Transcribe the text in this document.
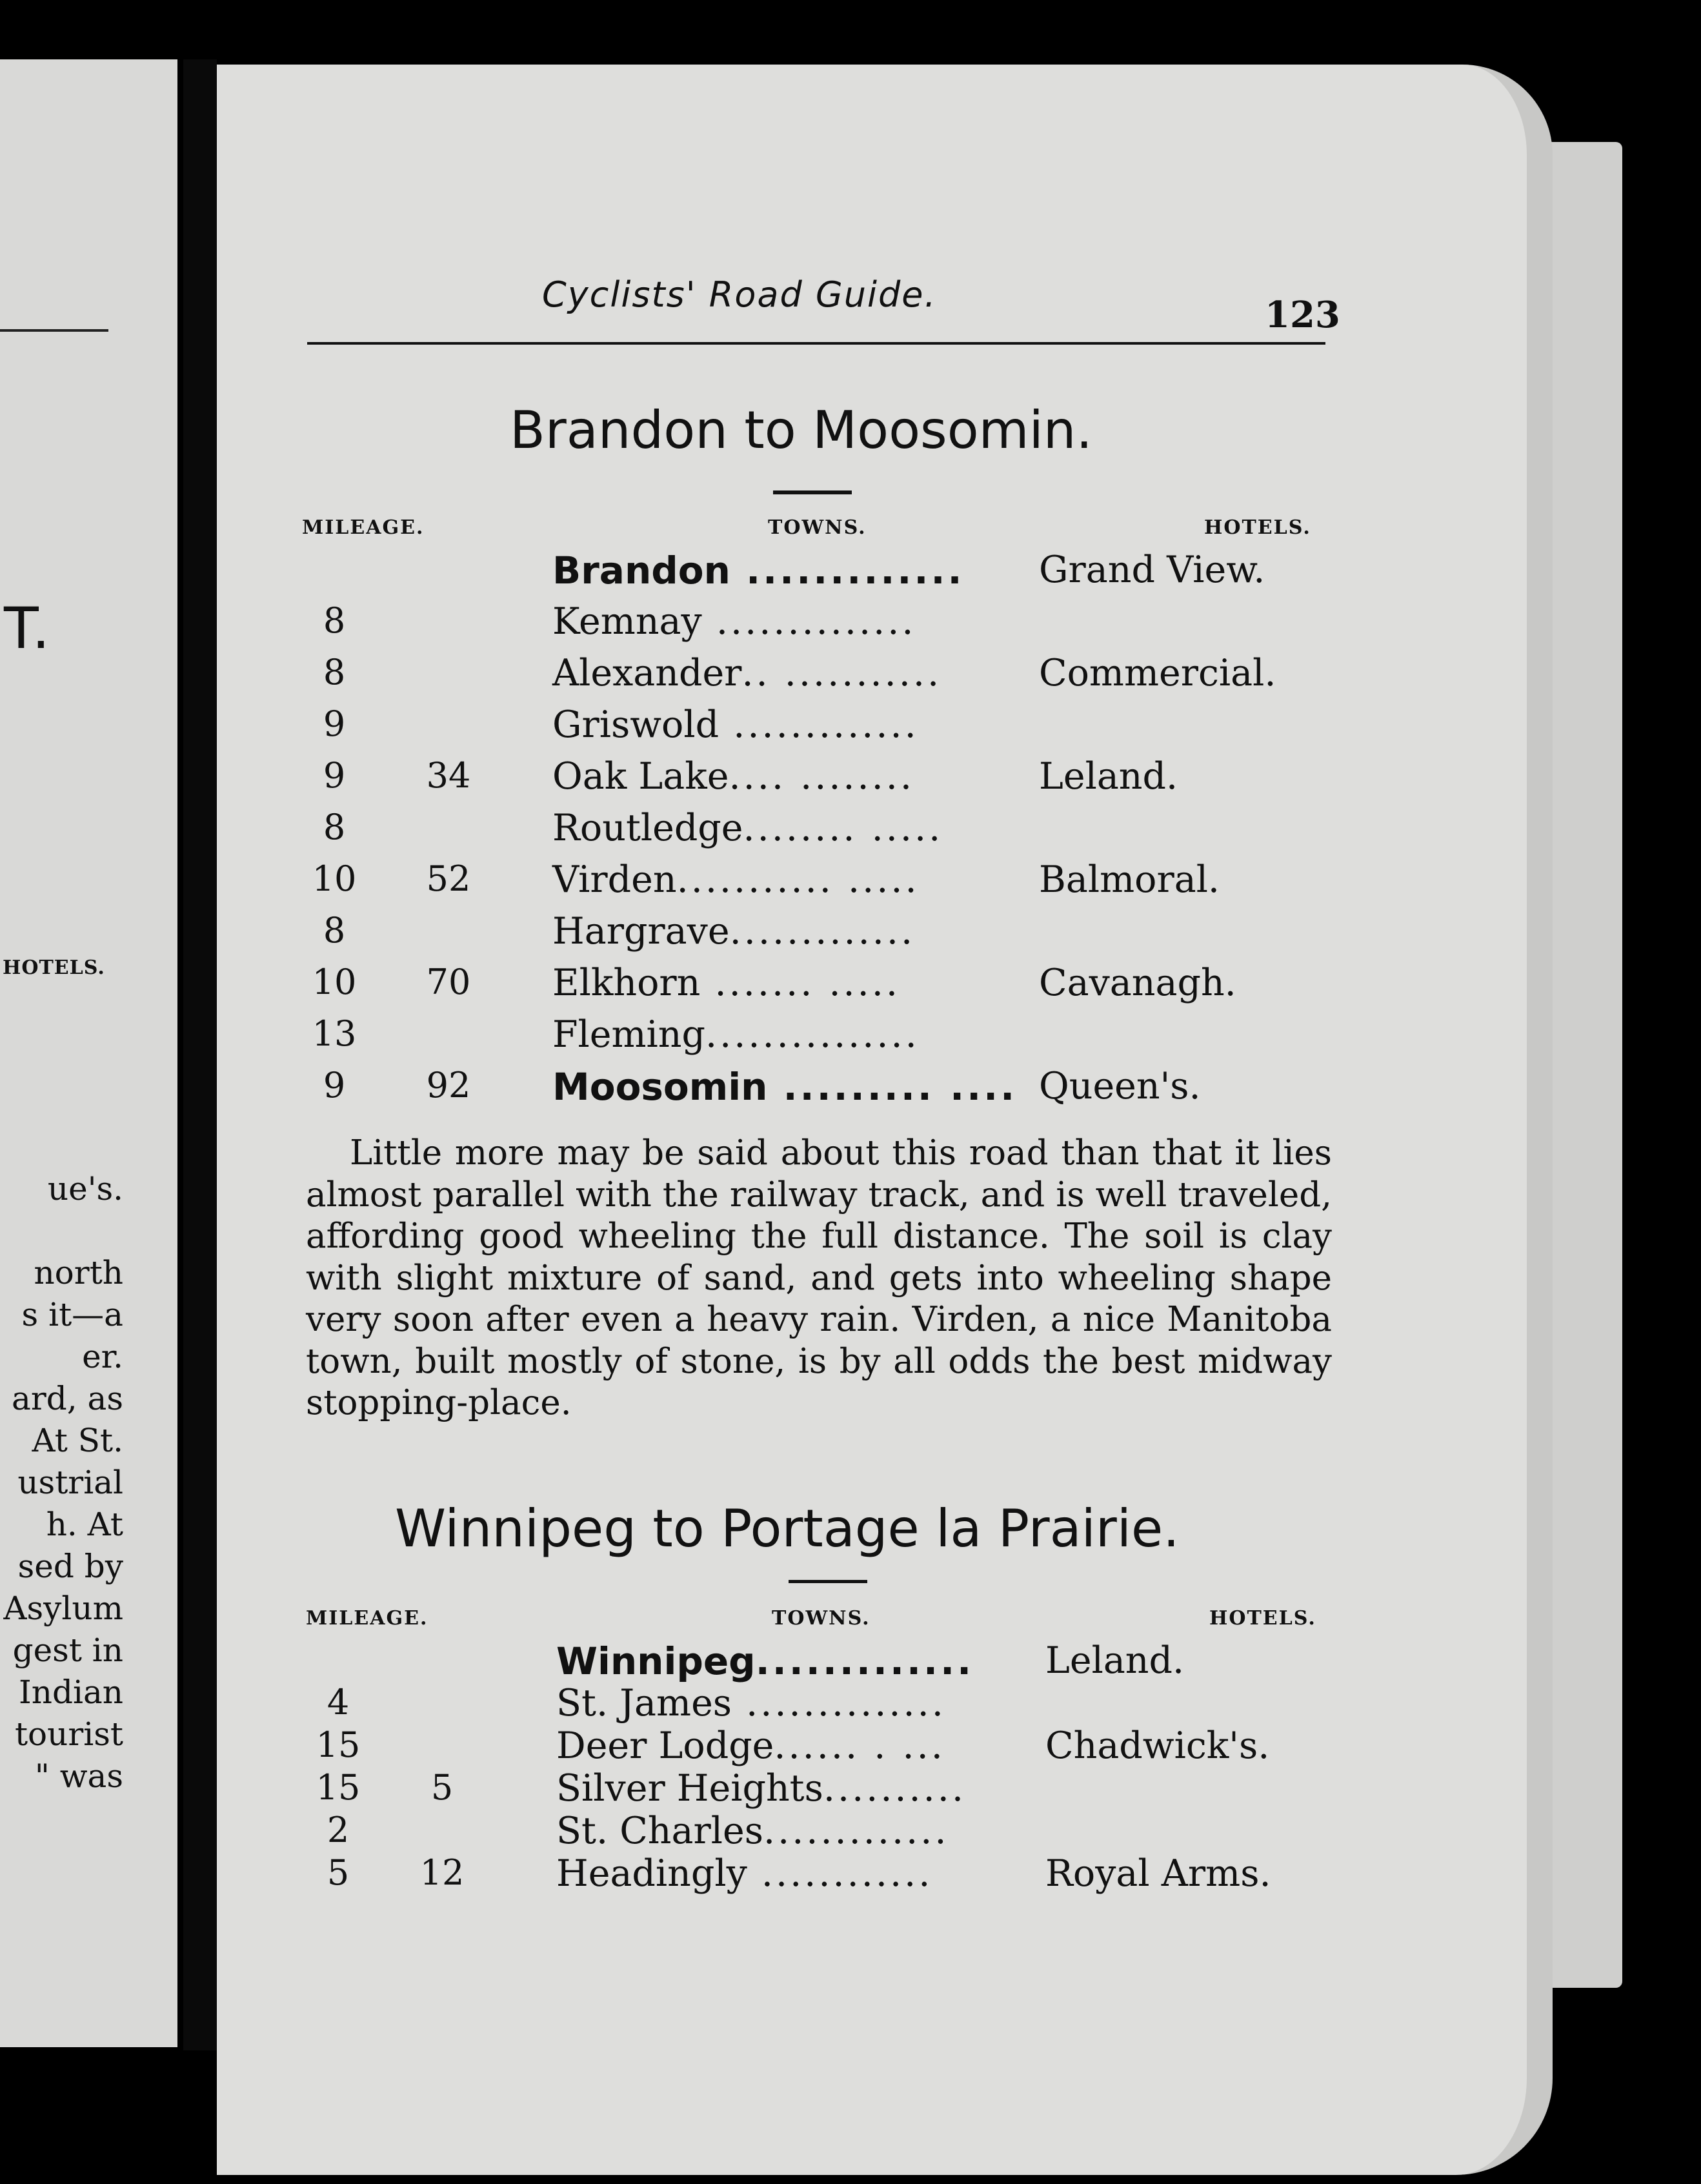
T.
HOTELS.
ue's.
north
s it—a
er.
ard, as
At St.
ustrial
h. At
sed by
Asylum
gest in
Indian
tourist
" was
Cyclists' Road Guide.	123
Brandon to Moosomin.
MILEAGE.	TOWNS.	HOTELS.
Brandon ............. Grand View.
8	Kemnay ..............
8	Alexander.. ...........	Commercial.
9	Griswold .............
9	34 Oak Lake.... ........	Leland.
8	Routledge........ .....
10 52 Virden........... .....	Balmoral.
8	Hargrave.............
10 70 Elkhorn ....... .....	Cavanagh.
13	Fleming...............
9	92 Moosomin ......... .... Queen's.

Little more may be said about this road than that it lies almost parallel with the railway track, and is well traveled, affording good wheeling the full distance. The soil is clay with slight mixture of sand, and gets into wheeling shape very soon after even a heavy rain. Virden, a nice Manitoba town, built mostly of stone, is by all odds the best midway stopping-place.

Winnipeg to Portage la Prairie.
MILEAGE.	TOWNS.	HOTELS.
Winnipeg............. Leland.
4	St. James ..............
15	Deer Lodge...... . ...	Chadwick's.
15	5	Silver Heights..........
2	St. Charles.............
5	12	Headingly ............	Royal Arms.
